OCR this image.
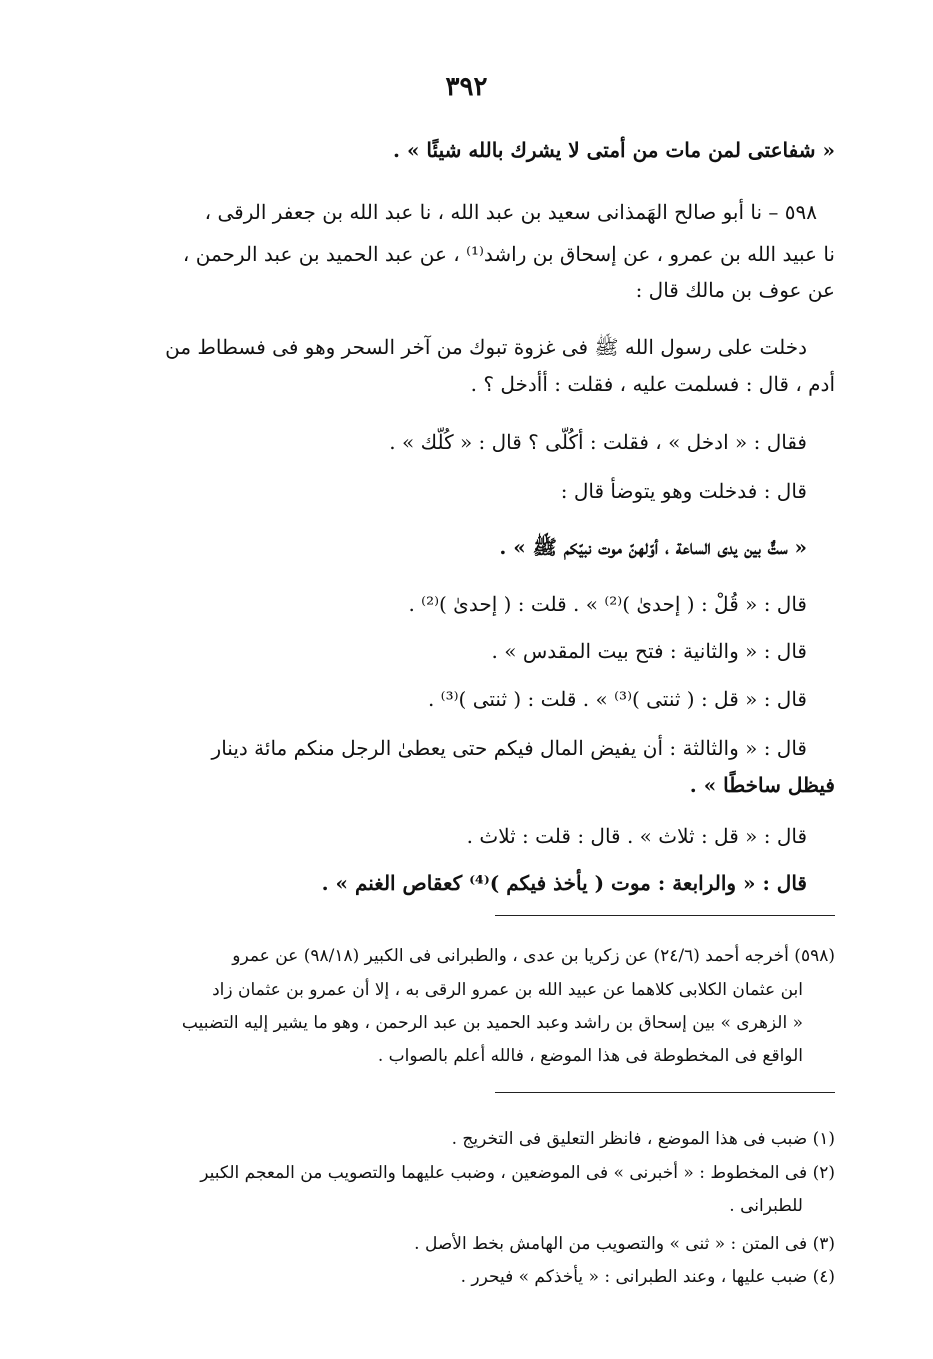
٣٩٢
« شفاعتى لمن مات من أمتى لا يشرك بالله شيئًا » .
٥٩٨ – نا أبو صالح الهَمذانى سعيد بن عبد الله ، نا عبد الله بن جعفر الرقى ،
نا عبيد الله بن عمرو ، عن إسحاق بن راشد⁽¹⁾ ، عن عبد الحميد بن عبد الرحمن ،
عن عوف بن مالك قال :
دخلت على رسول الله ﷺ فى غزوة تبوك من آخر السحر وهو فى فسطاط من
أدم ، قال : فسلمت عليه ، فقلت : أأدخل ؟ .
فقال : « ادخل » ، فقلت : أكُلّى ؟ قال : « كُلّك » .
قال : فدخلت وهو يتوضأ قال :
« ستٌّ بين يدى الساعة ، أوّلهنّ موت نبيّكم ﷺ » .
قال : « قُلْ : ( إحدىٰ )⁽²⁾ » . قلت : ( إحدىٰ )⁽²⁾ .
قال : « والثانية : فتح بيت المقدس » .
قال : « قل : ( ثنتى )⁽³⁾ » . قلت : ( ثنتى )⁽³⁾ .
قال : « والثالثة : أن يفيض المال فيكم حتى يعطىٰ الرجل منكم مائة دينار
فيظل ساخطًا » .
قال : « قل : ثلاث » . قال : قلت : ثلاث .
قال : « والرابعة : موت ( يأخذ فيكم )⁽⁴⁾ كعقاص الغنم » .
(٥٩٨) أخرجه أحمد (٢٤/٦) عن زكريا بن عدى ، والطبرانى فى الكبير (٩٨/١٨) عن عمرو
ابن عثمان الكلابى كلاهما عن عبيد الله بن عمرو الرقى به ، إلا أن عمرو بن عثمان زاد
« الزهرى » بين إسحاق بن راشد وعبد الحميد بن عبد الرحمن ، وهو ما يشير إليه التضبيب
الواقع فى المخطوطة فى هذا الموضع ، فالله أعلم بالصواب .
(١) ضبب فى هذا الموضع ، فانظر التعليق فى التخريج .
(٢) فى المخطوط : « أخبرنى » فى الموضعين ، وضبب عليهما والتصويب من المعجم الكبير
للطبرانى .
(٣) فى المتن : « ثنى » والتصويب من الهامش بخط الأصل .
(٤) ضبب عليها ، وعند الطبرانى : « يأخذكم » فيحرر .
